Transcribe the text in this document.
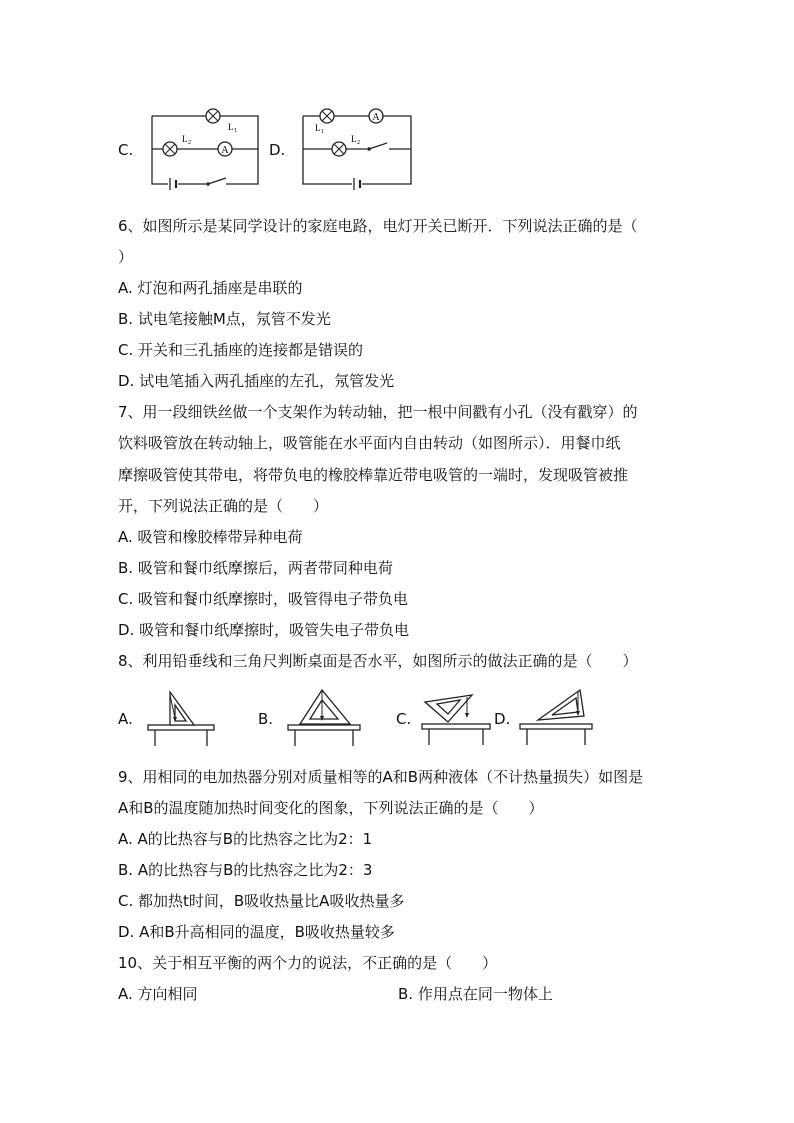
C.	A
L 1
L 2	D.
A
L 1
L 2
6、如图所示是某同学设计的家庭电路，电灯开关已断开．下列说法正确的是（
）
A. 灯泡和两孔插座是串联的
B. 试电笔接触M点，氖管不发光
C. 开关和三孔插座的连接都是错误的
D. 试电笔插入两孔插座的左孔，氖管发光
7、用一段细铁丝做一个支架作为转动轴，把一根中间戳有小孔（没有戳穿）的
饮料吸管放在转动轴上，吸管能在水平面内自由转动（如图所示）．用餐巾纸
摩擦吸管使其带电，将带负电的橡胶棒靠近带电吸管的一端时，发现吸管被推
开，下列说法正确的是（　　）
A. 吸管和橡胶棒带异种电荷
B. 吸管和餐巾纸摩擦后，两者带同种电荷
C. 吸管和餐巾纸摩擦时，吸管得电子带负电
D. 吸管和餐巾纸摩擦时，吸管失电子带负电
8、利用铅垂线和三角尺判断桌面是否水平，如图所示的做法正确的是（　　）
A.	B.	C.	D.
9、用相同的电加热器分别对质量相等的A和B两种液体（不计热量损失）如图是
A和B的温度随加热时间变化的图象，下列说法正确的是（　　）
A. A的比热容与B的比热容之比为2：1
B. A的比热容与B的比热容之比为2：3
C. 都加热t时间，B吸收热量比A吸收热量多
D. A和B升高相同的温度，B吸收热量较多
10、关于相互平衡的两个力的说法，不正确的是（　　）
A. 方向相同	B. 作用点在同一物体上
